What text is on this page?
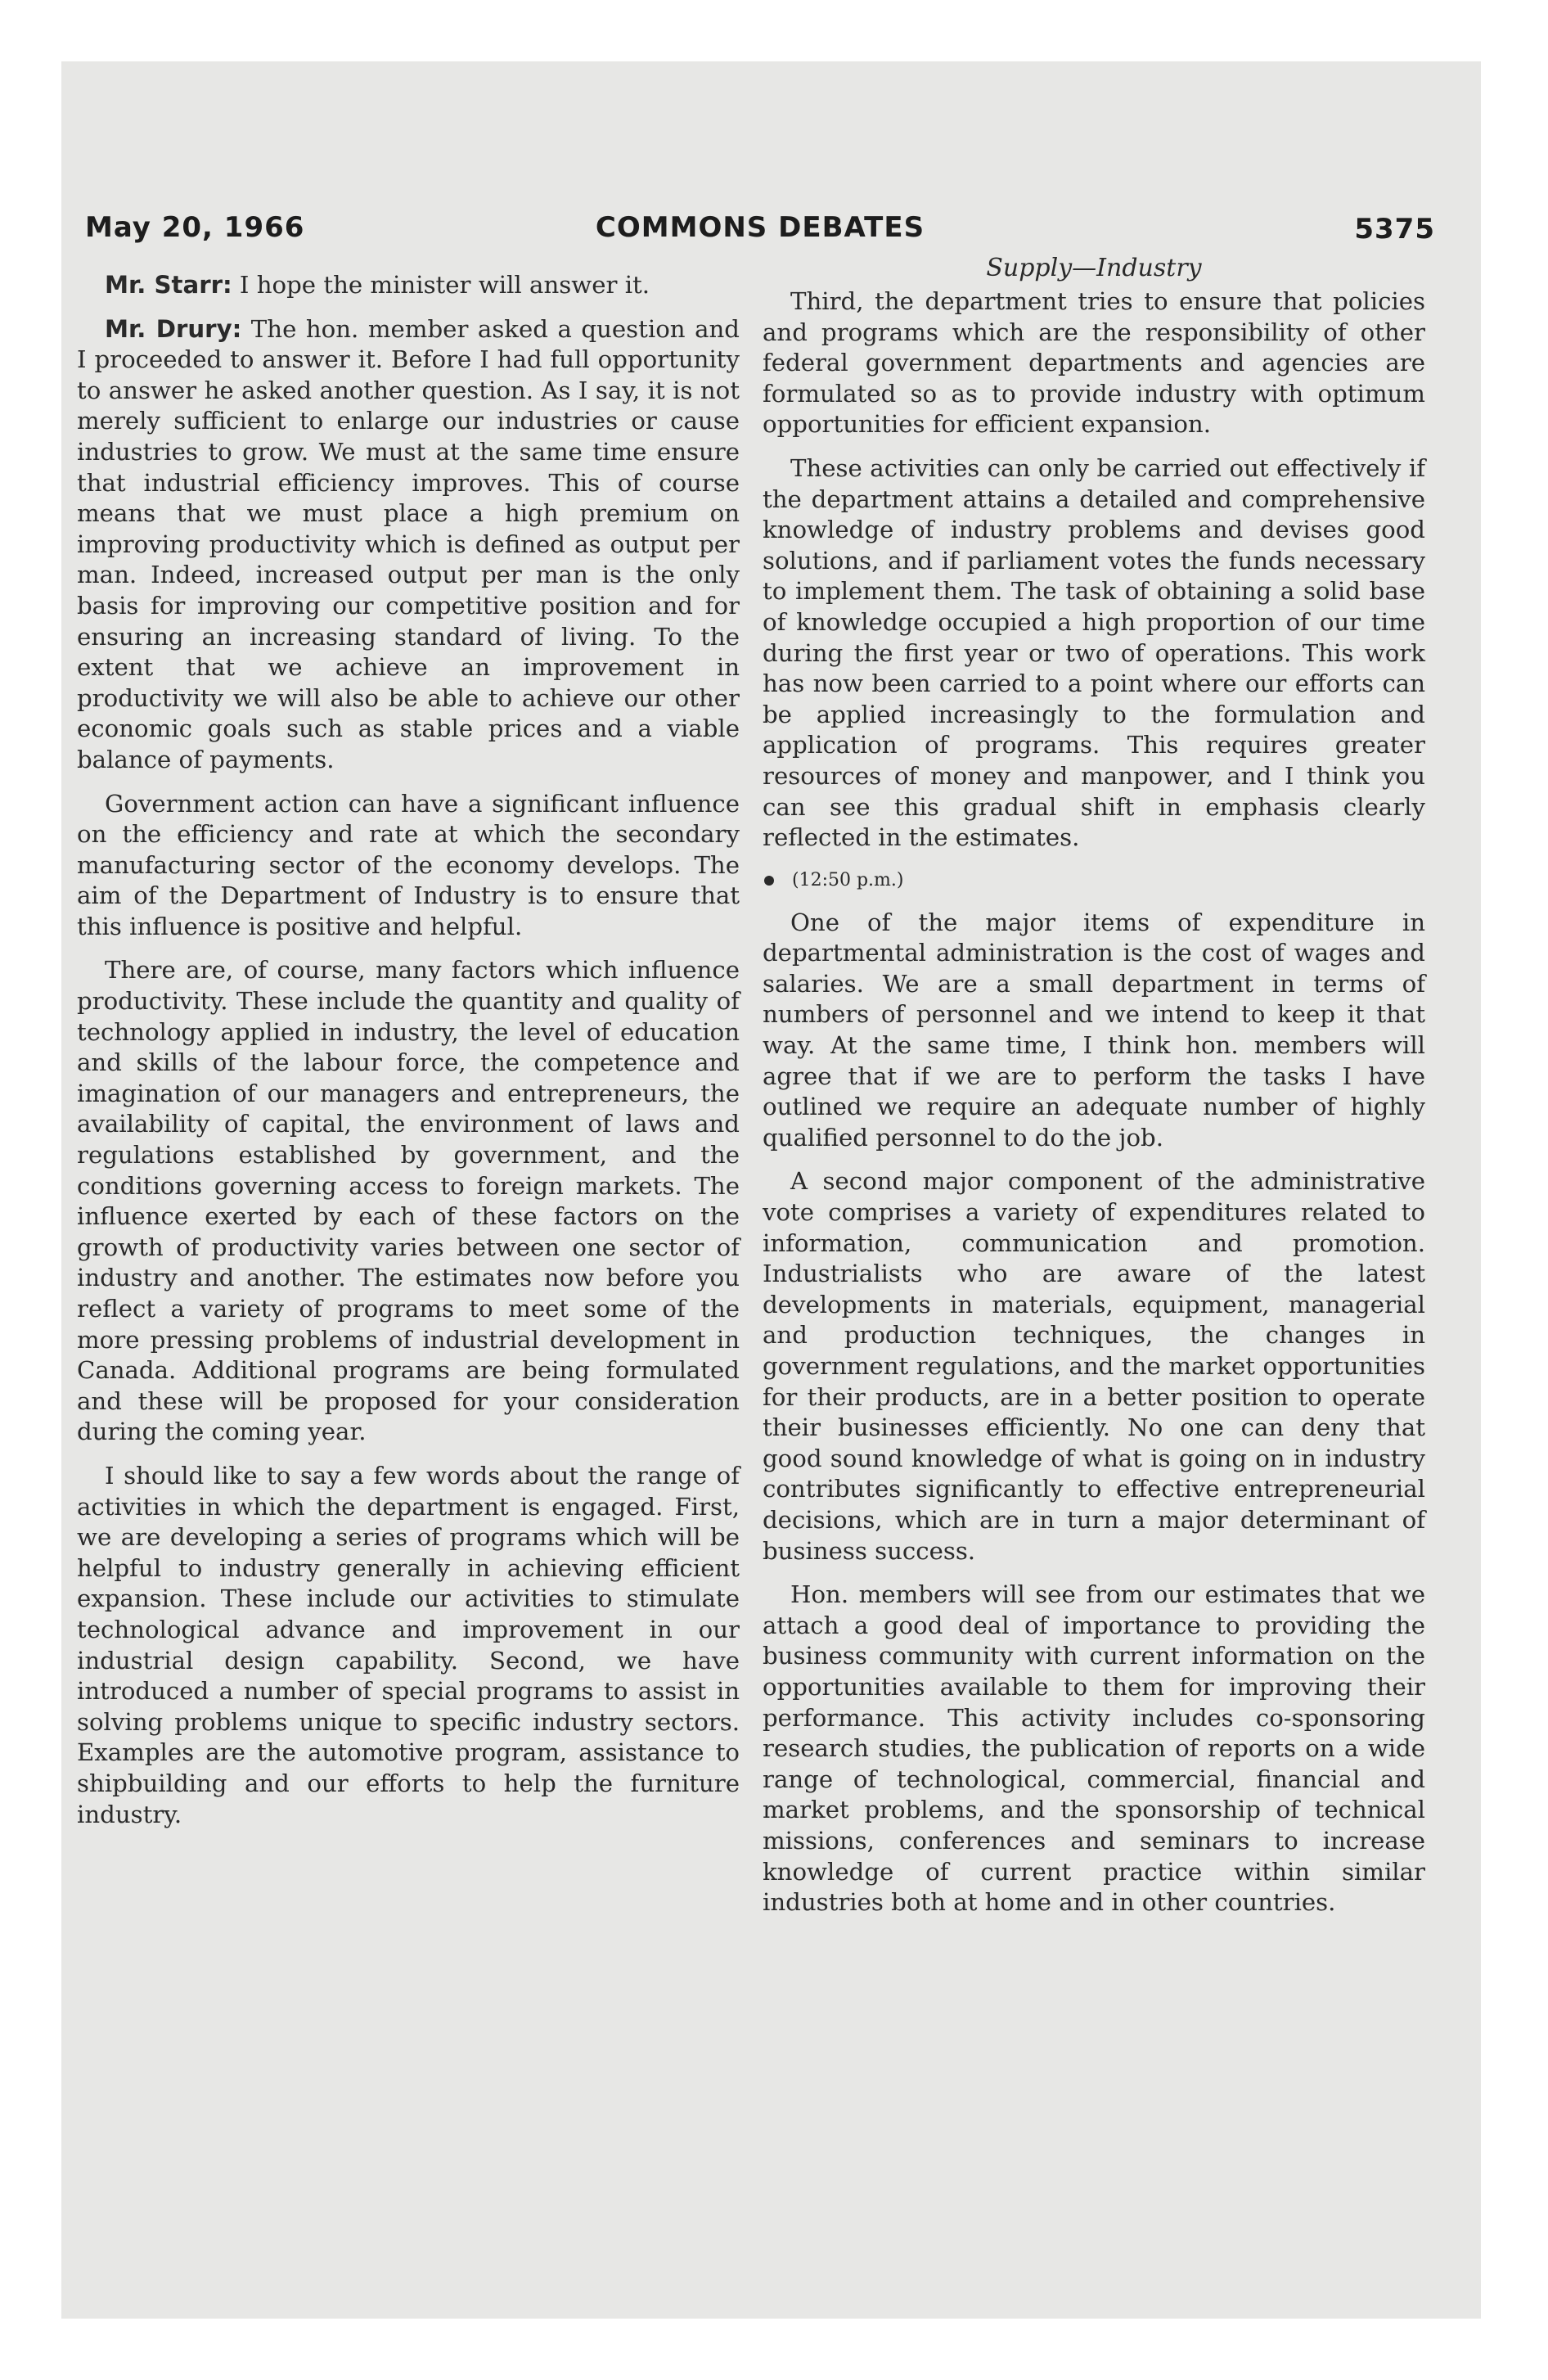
May 20, 1966	COMMONS DEBATES	5375

Mr. Starr: I hope the minister will answer it.

Mr. Drury: The hon. member asked a question and I proceeded to answer it. Before I had full opportunity to answer he asked another question. As I say, it is not merely sufficient to enlarge our industries or cause industries to grow. We must at the same time ensure that industrial efficiency improves. This of course means that we must place a high premium on improving productivity which is defined as output per man. Indeed, increased output per man is the only basis for improving our competitive position and for ensuring an increasing standard of living. To the extent that we achieve an improvement in productivity we will also be able to achieve our other economic goals such as stable prices and a viable balance of payments.

Government action can have a significant influence on the efficiency and rate at which the secondary manufacturing sector of the economy develops. The aim of the Department of Industry is to ensure that this influence is positive and helpful.

There are, of course, many factors which influence productivity. These include the quantity and quality of technology applied in industry, the level of education and skills of the labour force, the competence and imagination of our managers and entrepreneurs, the availability of capital, the environment of laws and regulations established by government, and the conditions governing access to foreign markets. The influence exerted by each of these factors on the growth of productivity varies between one sector of industry and another. The estimates now before you reflect a variety of programs to meet some of the more pressing problems of industrial development in Canada. Additional programs are being formulated and these will be proposed for your consideration during the coming year.

I should like to say a few words about the range of activities in which the department is engaged. First, we are developing a series of programs which will be helpful to industry generally in achieving efficient expansion. These include our activities to stimulate technological advance and improvement in our industrial design capability. Second, we have introduced a number of special programs to assist in solving problems unique to specific industry sectors. Examples are the automotive program, assistance to shipbuilding and our efforts to help the furniture industry.

Supply—Industry

Third, the department tries to ensure that policies and programs which are the responsibility of other federal government departments and agencies are formulated so as to provide industry with optimum opportunities for efficient expansion.

These activities can only be carried out effectively if the department attains a detailed and comprehensive knowledge of industry problems and devises good solutions, and if parliament votes the funds necessary to implement them. The task of obtaining a solid base of knowledge occupied a high proportion of our time during the first year or two of operations. This work has now been carried to a point where our efforts can be applied increasingly to the formulation and application of programs. This requires greater resources of money and manpower, and I think you can see this gradual shift in emphasis clearly reflected in the estimates.

(12:50 p.m.)

One of the major items of expenditure in departmental administration is the cost of wages and salaries. We are a small department in terms of numbers of personnel and we intend to keep it that way. At the same time, I think hon. members will agree that if we are to perform the tasks I have outlined we require an adequate number of highly qualified personnel to do the job.

A second major component of the administrative vote comprises a variety of expenditures related to information, communication and promotion. Industrialists who are aware of the latest developments in materials, equipment, managerial and production techniques, the changes in government regulations, and the market opportunities for their products, are in a better position to operate their businesses efficiently. No one can deny that good sound knowledge of what is going on in industry contributes significantly to effective entrepreneurial decisions, which are in turn a major determinant of business success.

Hon. members will see from our estimates that we attach a good deal of importance to providing the business community with current information on the opportunities available to them for improving their performance. This activity includes co-sponsoring research studies, the publication of reports on a wide range of technological, commercial, financial and market problems, and the sponsorship of technical missions, conferences and seminars to increase knowledge of current practice within similar industries both at home and in other countries.
